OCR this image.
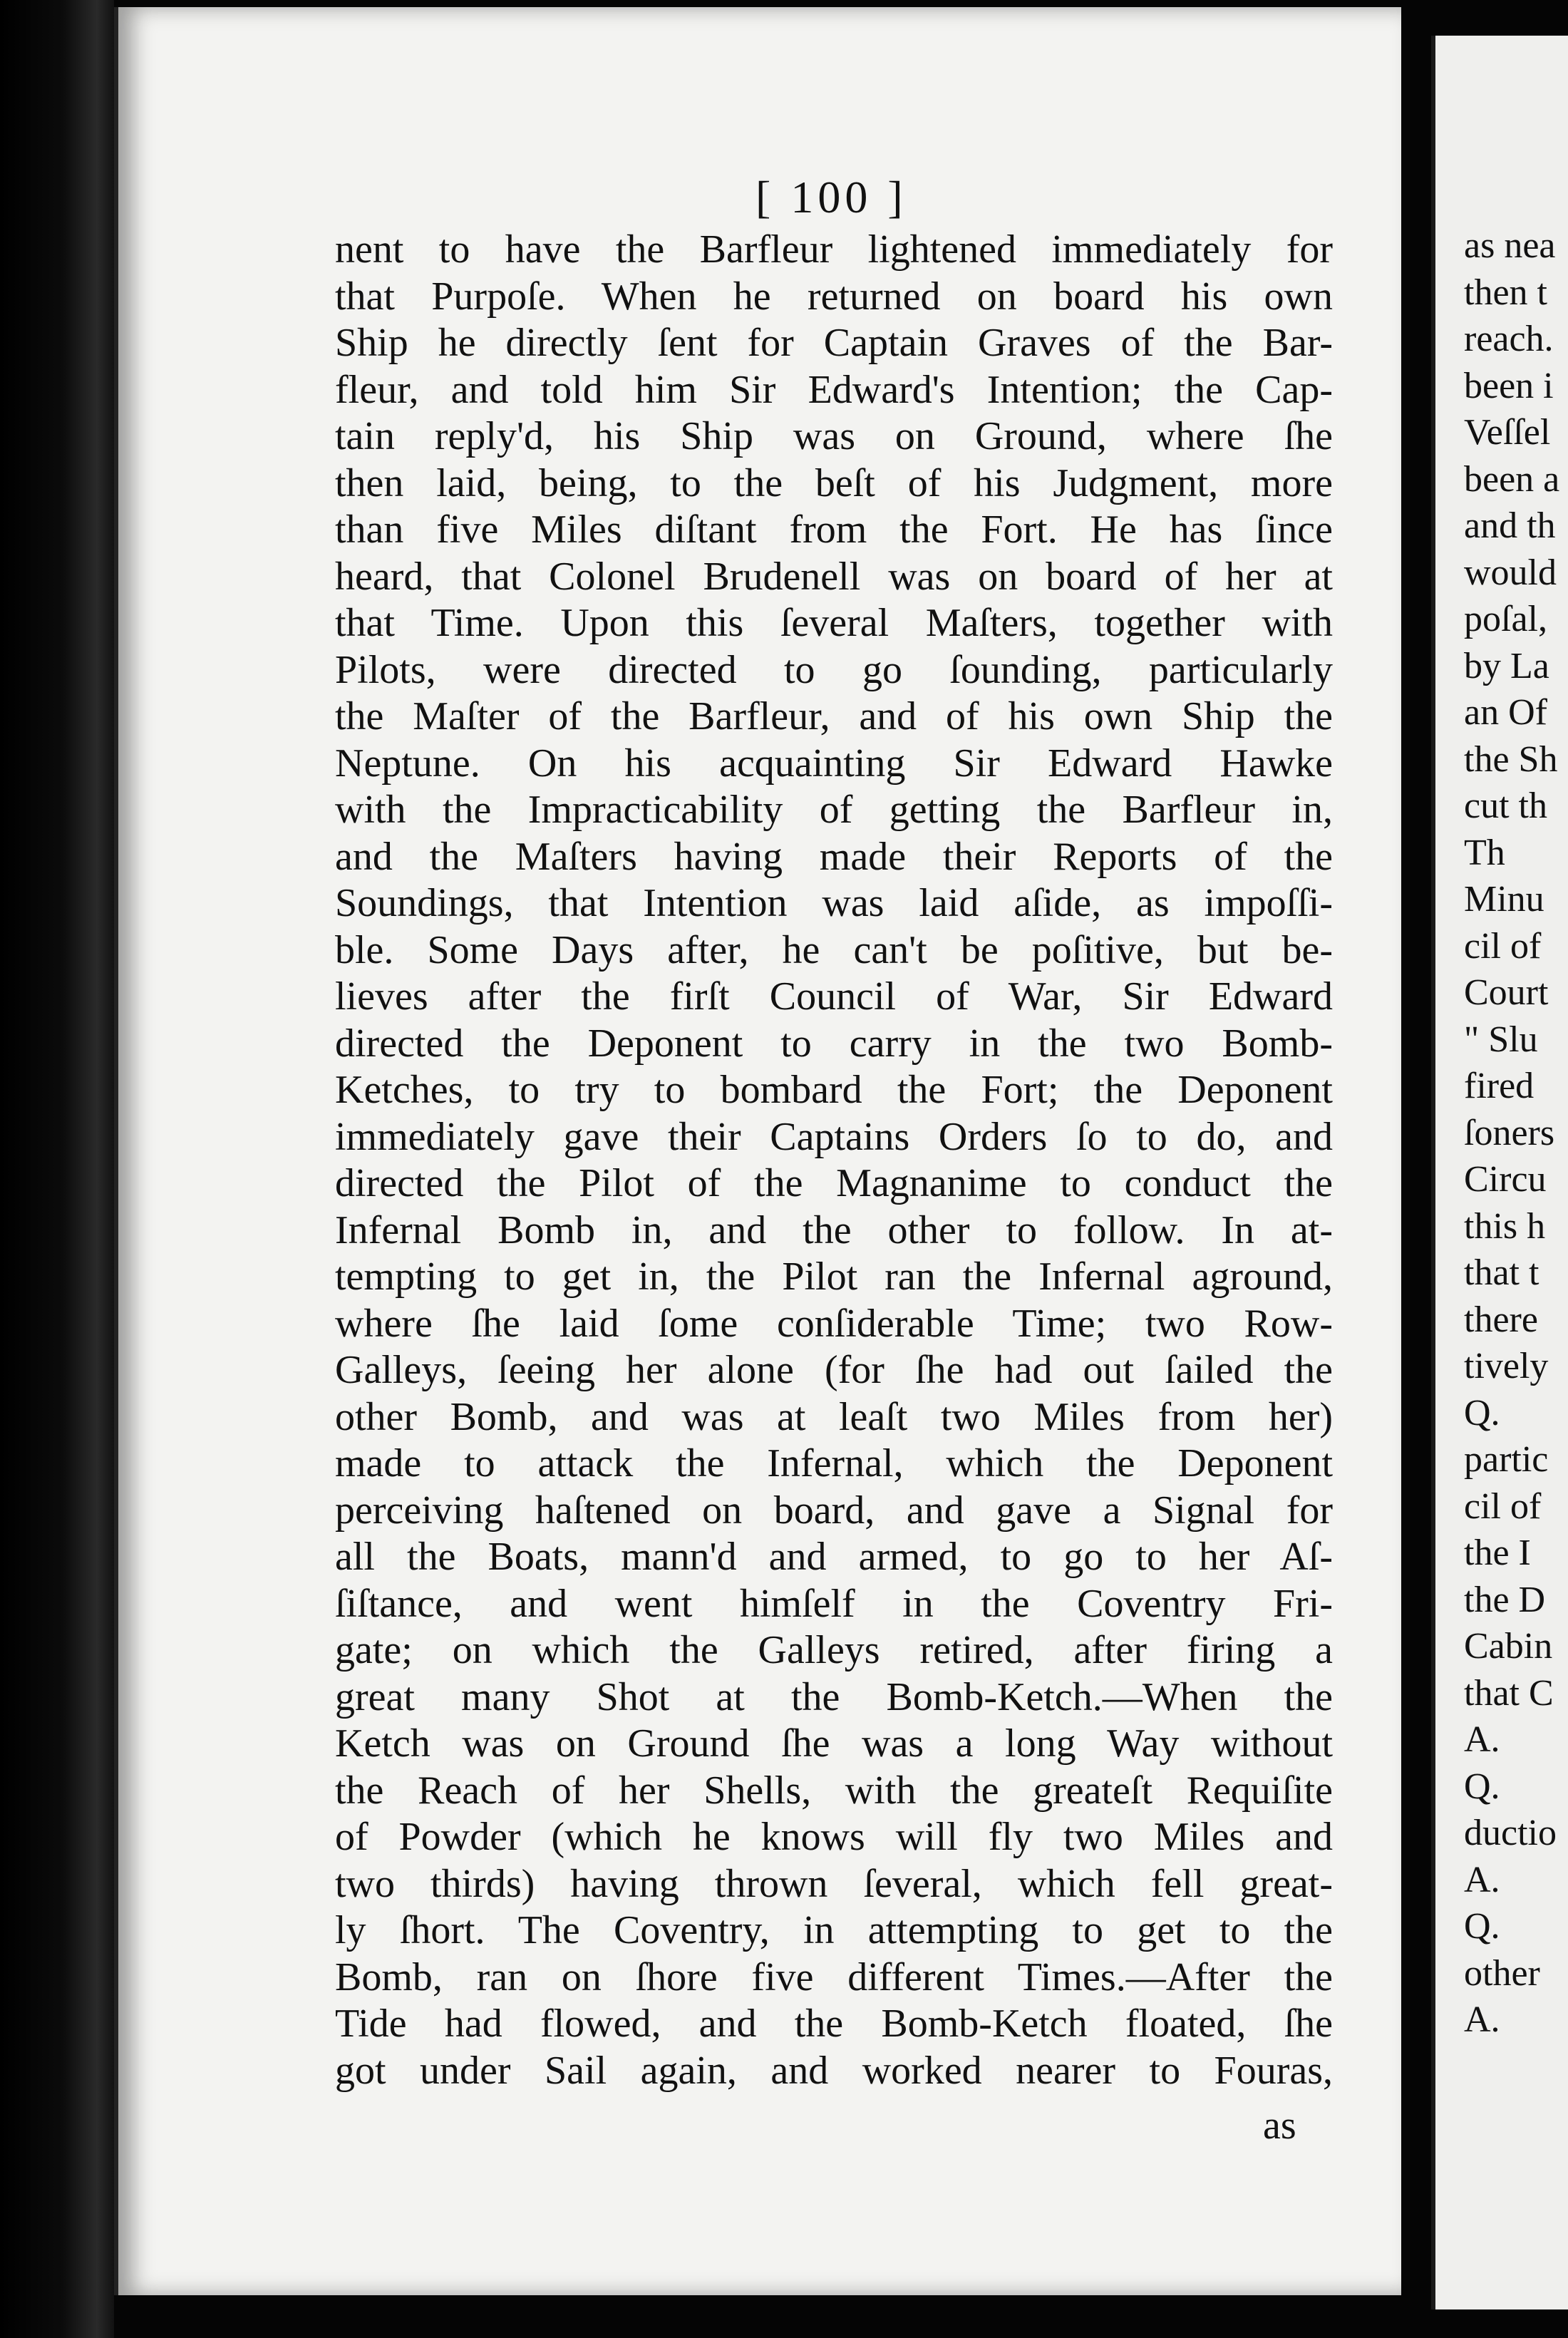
[ 100 ]
nent to have the Barfleur lightened immediately for
that Purpoſe. When he returned on board his own
Ship he directly ſent for Captain Graves of the Bar-
fleur, and told him Sir Edward's Intention; the Cap-
tain reply'd, his Ship was on Ground, where ſhe
then laid, being, to the beſt of his Judgment, more
than five Miles diſtant from the Fort. He has ſince
heard, that Colonel Brudenell was on board of her at
that Time. Upon this ſeveral Maſters, together with
Pilots, were directed to go ſounding, particularly
the Maſter of the Barfleur, and of his own Ship the
Neptune. On his acquainting Sir Edward Hawke
with the Impracticability of getting the Barfleur in,
and the Maſters having made their Reports of the
Soundings, that Intention was laid aſide, as impoſſi-
ble. Some Days after, he can't be poſitive, but be-
lieves after the firſt Council of War, Sir Edward
directed the Deponent to carry in the two Bomb-
Ketches, to try to bombard the Fort; the Deponent
immediately gave their Captains Orders ſo to do, and
directed the Pilot of the Magnanime to conduct the
Infernal Bomb in, and the other to follow. In at-
tempting to get in, the Pilot ran the Infernal aground,
where ſhe laid ſome conſiderable Time; two Row-
Galleys, ſeeing her alone (for ſhe had out ſailed the
other Bomb, and was at leaſt two Miles from her)
made to attack the Infernal, which the Deponent
perceiving haſtened on board, and gave a Signal for
all the Boats, mann'd and armed, to go to her Aſ-
ſiſtance, and went himſelf in the Coventry Fri-
gate; on which the Galleys retired, after firing a
great many Shot at the Bomb-Ketch.—When the
Ketch was on Ground ſhe was a long Way without
the Reach of her Shells, with the greateſt Requiſite
of Powder (which he knows will fly two Miles and
two thirds) having thrown ſeveral, which fell great-
ly ſhort. The Coventry, in attempting to get to the
Bomb, ran on ſhore five different Times.—After the
Tide had flowed, and the Bomb-Ketch floated, ſhe
got under Sail again, and worked nearer to Fouras,
as
as nea
then t
reach.
been i
Veſſel
been a
and th
would
poſal,
by La
an Of
the Sh
cut th
Th
Minu
cil of
Court
" Slu
fired
ſoners
Circu
this h
that t
there
tively
Q.
partic
cil of
the I
the D
Cabin
that C
A.
Q.
ductio
A.
Q.
other
A.
